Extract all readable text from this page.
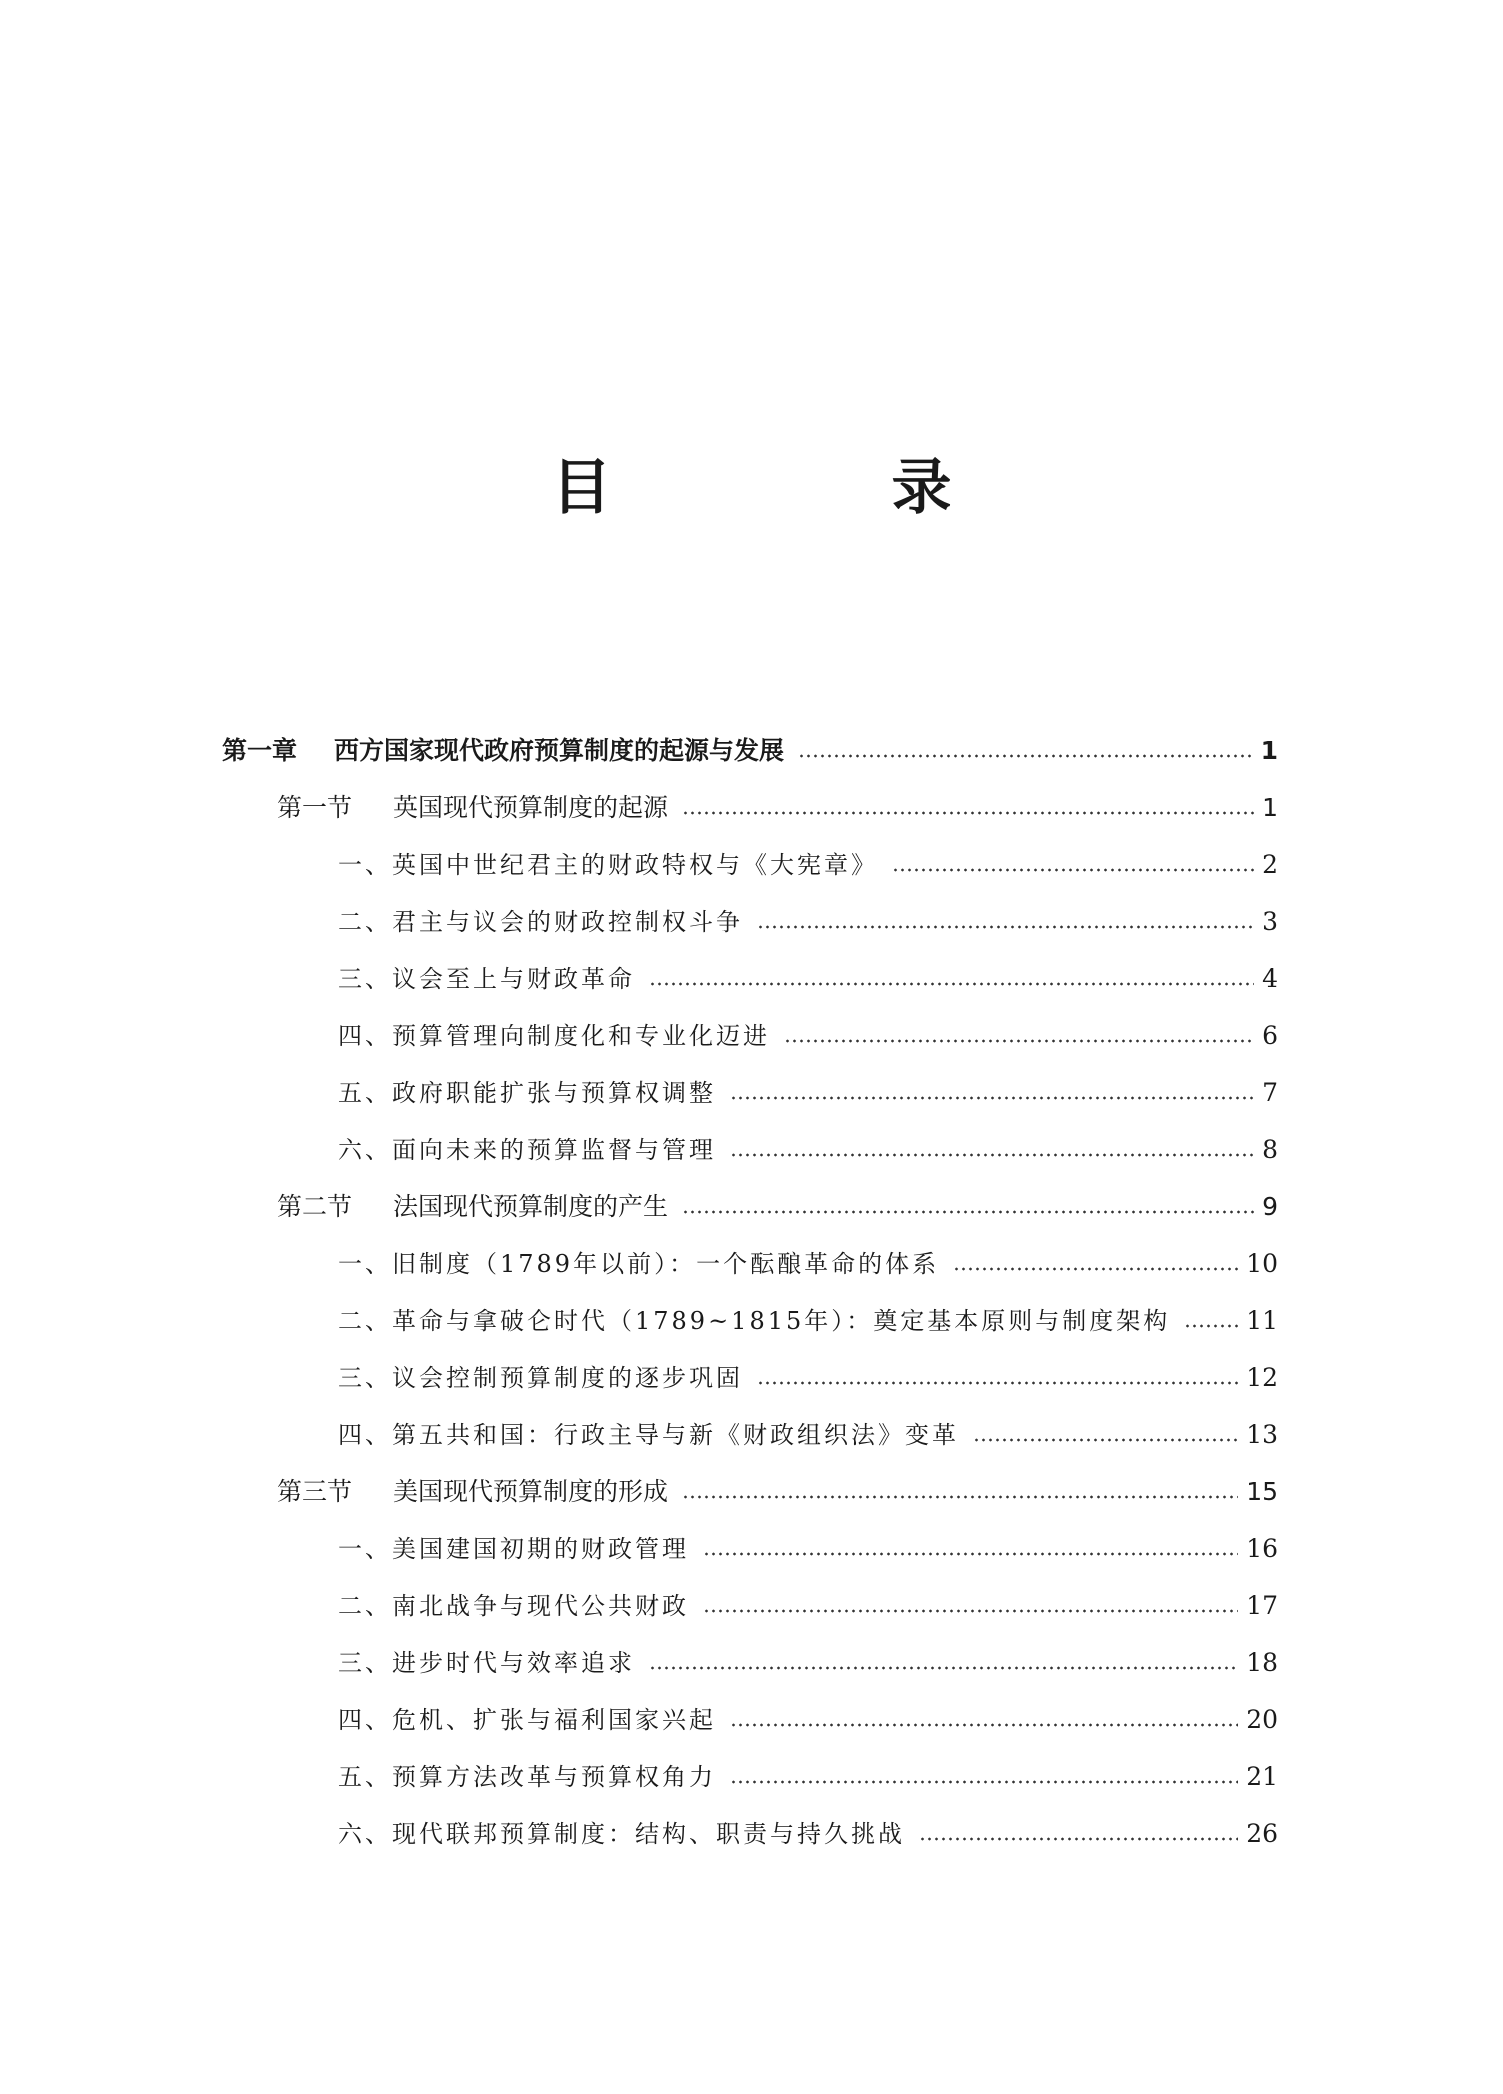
目　录
第一章	西方国家现代政府预算制度的起源与发展	1
第一节	英国现代预算制度的起源	1
一、英国中世纪君主的财政特权与《大宪章》	2
二、君主与议会的财政控制权斗争	3
三、议会至上与财政革命	4
四、预算管理向制度化和专业化迈进	6
五、政府职能扩张与预算权调整	7
六、面向未来的预算监督与管理	8
第二节	法国现代预算制度的产生	9
一、旧制度（1789年以前）：一个酝酿革命的体系	10
二、革命与拿破仑时代（1789~1815年）：奠定基本原则与制度架构	11
三、议会控制预算制度的逐步巩固	12
四、第五共和国：行政主导与新《财政组织法》变革	13
第三节	美国现代预算制度的形成	15
一、美国建国初期的财政管理	16
二、南北战争与现代公共财政	17
三、进步时代与效率追求	18
四、危机、扩张与福利国家兴起	20
五、预算方法改革与预算权角力	21
六、现代联邦预算制度：结构、职责与持久挑战	26
